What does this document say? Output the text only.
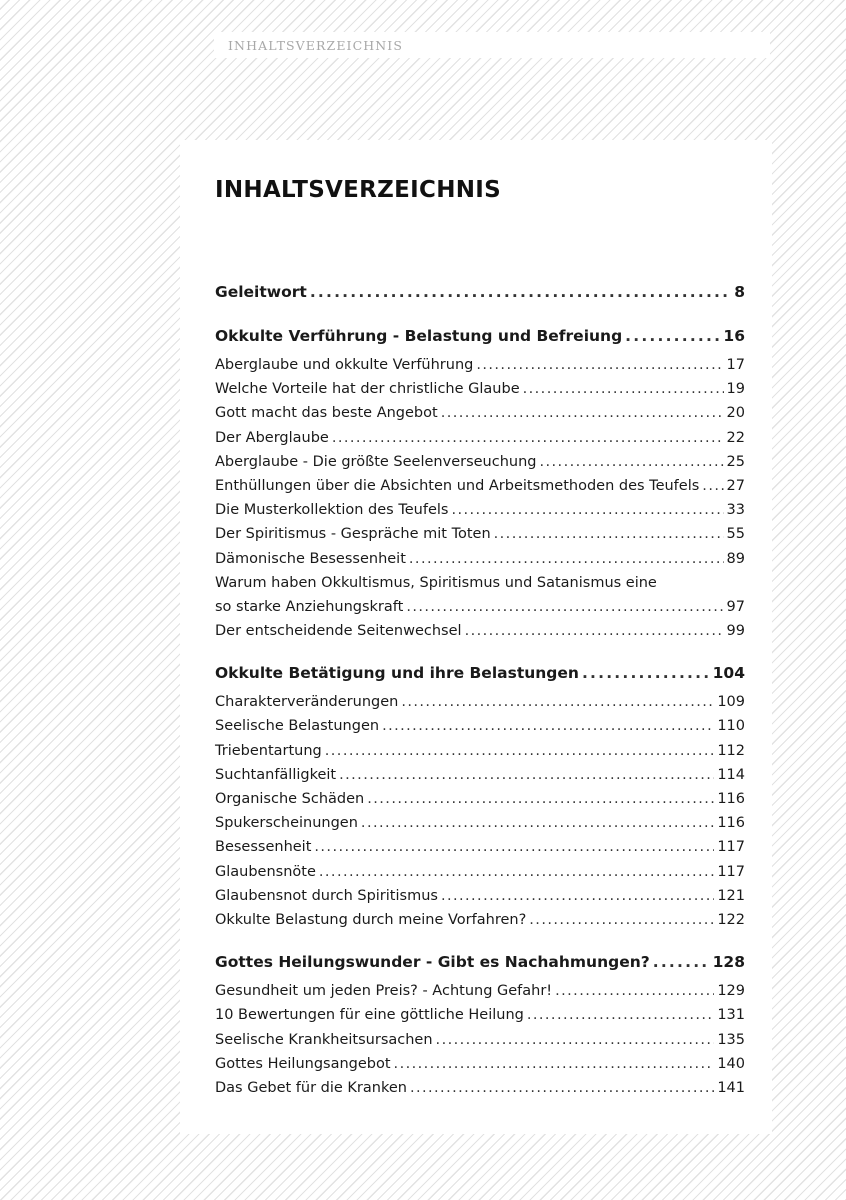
INHALTSVERZEICHNIS
INHALTSVERZEICHNIS
Geleitwort . . .	8
Okkulte Verführung - Belastung und Befreiung . . .	16
Aberglaube und okkulte Verführung . . .	17
Welche Vorteile hat der christliche Glaube . . .	19
Gott macht das beste Angebot . . .	20
Der Aberglaube . . .	22
Aberglaube - Die größte Seelenverseuchung . . .	25
Enthüllungen über die Absichten und Arbeitsmethoden des Teufels . . . 27
Die Musterkollektion des Teufels . . .	33
Der Spiritismus - Gespräche mit Toten . . .	55
Dämonische Besessenheit . . .	89
Warum haben Okkultismus, Spiritismus und Satanismus eine
so starke Anziehungskraft . . .	97
Der entscheidende Seitenwechsel . . .	99
Okkulte Betätigung und ihre Belastungen . . .	104
Charakterveränderungen . . .	109
Seelische Belastungen . . .	110
Triebentartung . . .	112
Suchtanfälligkeit . . .	114
Organische Schäden . . .	116
Spukerscheinungen . . .	116
Besessenheit . . .	117
Glaubensnöte . . .	117
Glaubensnot durch Spiritismus . . .	121
Okkulte Belastung durch meine Vorfahren? . . .	122
Gottes Heilungswunder - Gibt es Nachahmungen? . . .	128
Gesundheit um jeden Preis? - Achtung Gefahr! . . .	129
10 Bewertungen für eine göttliche Heilung . . .	131
Seelische Krankheitsursachen . . .	135
Gottes Heilungsangebot . . .	140
Das Gebet für die Kranken . . .	141
